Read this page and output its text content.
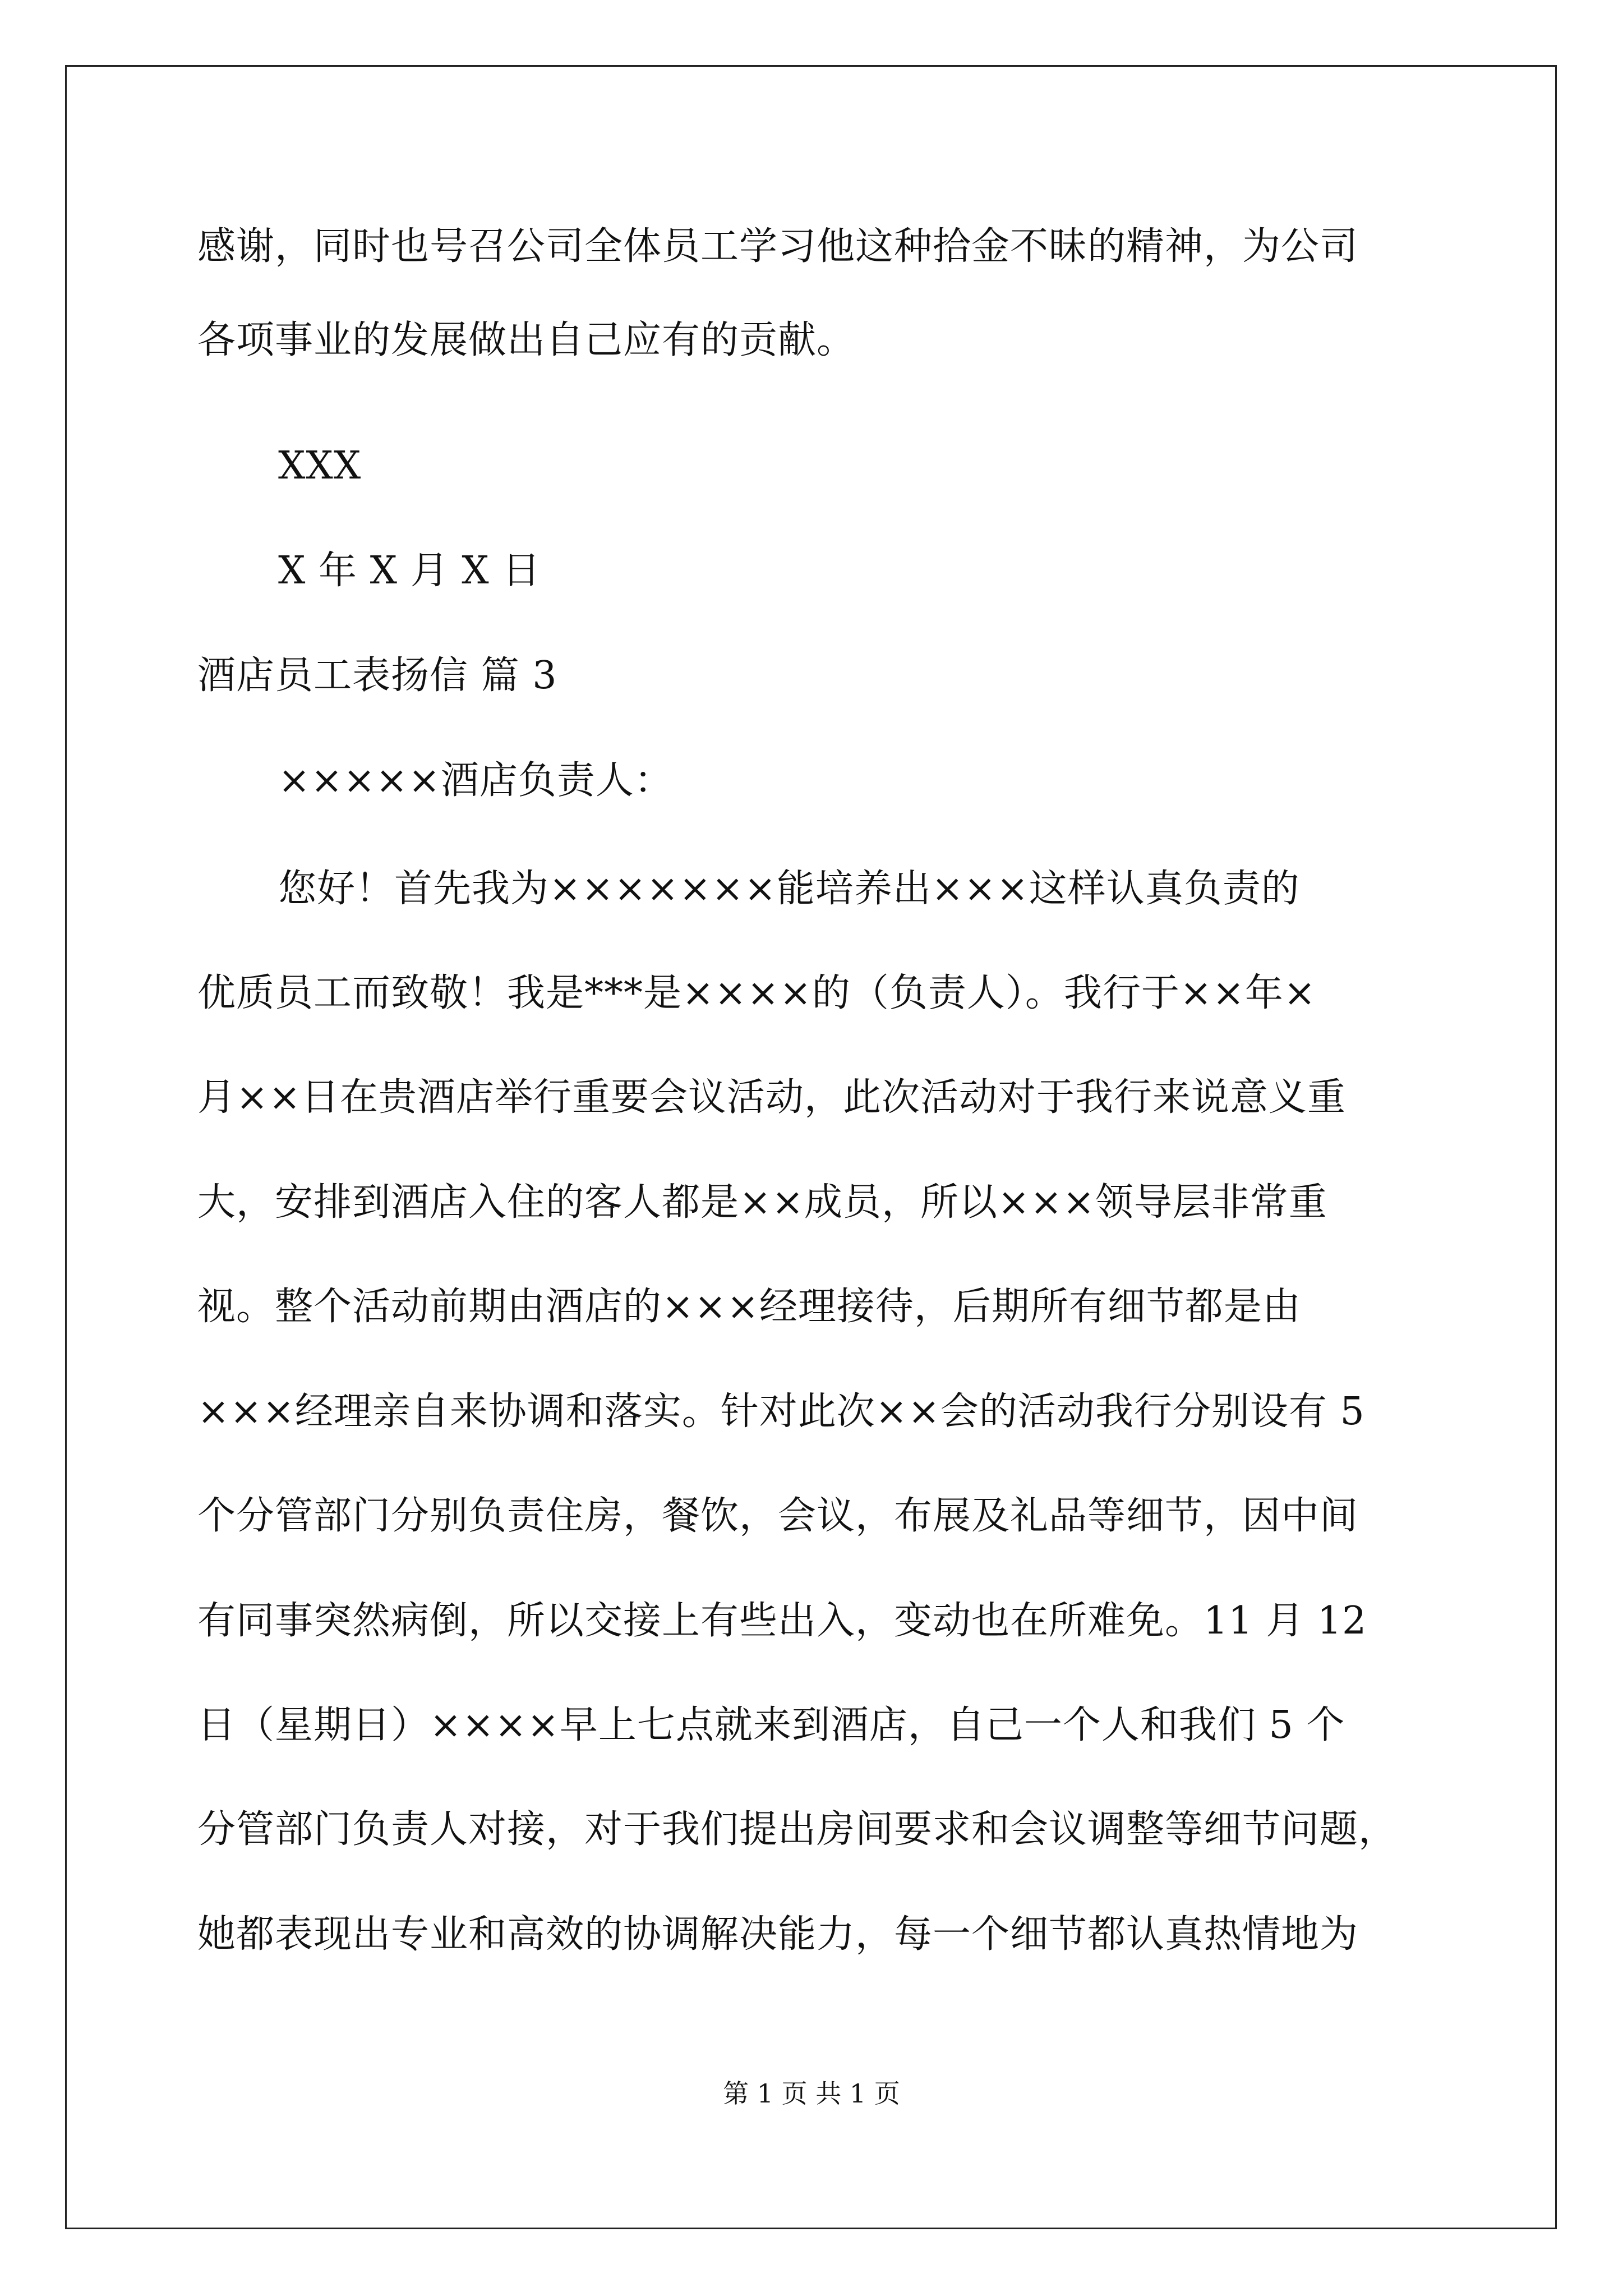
感谢，同时也号召公司全体员工学习他这种拾金不昧的精神，为公司
各项事业的发展做出自己应有的贡献。
XXX
X 年 X 月 X 日
酒店员工表扬信 篇 3
×××××酒店负责人：
您好！首先我为×××××××能培养出×××这样认真负责的
优质员工而致敬！我是***是××××的（负责人）。我行于××年×
月××日在贵酒店举行重要会议活动，此次活动对于我行来说意义重
大，安排到酒店入住的客人都是××成员，所以×××领导层非常重
视。整个活动前期由酒店的×××经理接待，后期所有细节都是由
×××经理亲自来协调和落实。针对此次××会的活动我行分别设有 5
个分管部门分别负责住房，餐饮，会议，布展及礼品等细节，因中间
有同事突然病倒，所以交接上有些出入，变动也在所难免。11 月 12
日（星期日）××××早上七点就来到酒店，自己一个人和我们 5 个
分管部门负责人对接，对于我们提出房间要求和会议调整等细节问题，
她都表现出专业和高效的协调解决能力，每一个细节都认真热情地为
第 1 页 共 1 页
